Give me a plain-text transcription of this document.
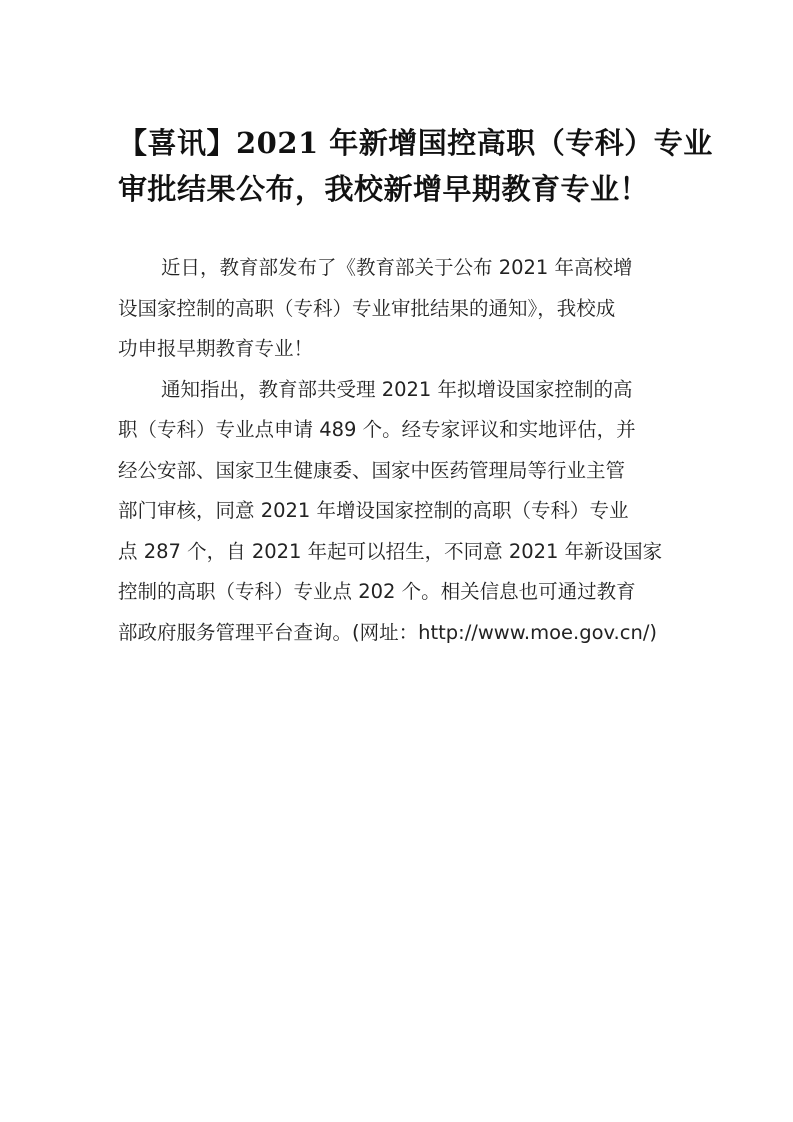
【喜讯】2021 年新增国控高职（专科）专业
审批结果公布，我校新增早期教育专业！
近日，教育部发布了《教育部关于公布 2021 年高校增
设国家控制的高职（专科）专业审批结果的通知》，我校成
功申报早期教育专业！
通知指出，教育部共受理 2021 年拟增设国家控制的高
职（专科）专业点申请 489 个。经专家评议和实地评估，并
经公安部、国家卫生健康委、国家中医药管理局等行业主管
部门审核，同意 2021 年增设国家控制的高职（专科）专业
点 287 个，自 2021 年起可以招生，不同意 2021 年新设国家
控制的高职（专科）专业点 202 个。相关信息也可通过教育
部政府服务管理平台查询。(网址：http://www.moe.gov.cn/)
